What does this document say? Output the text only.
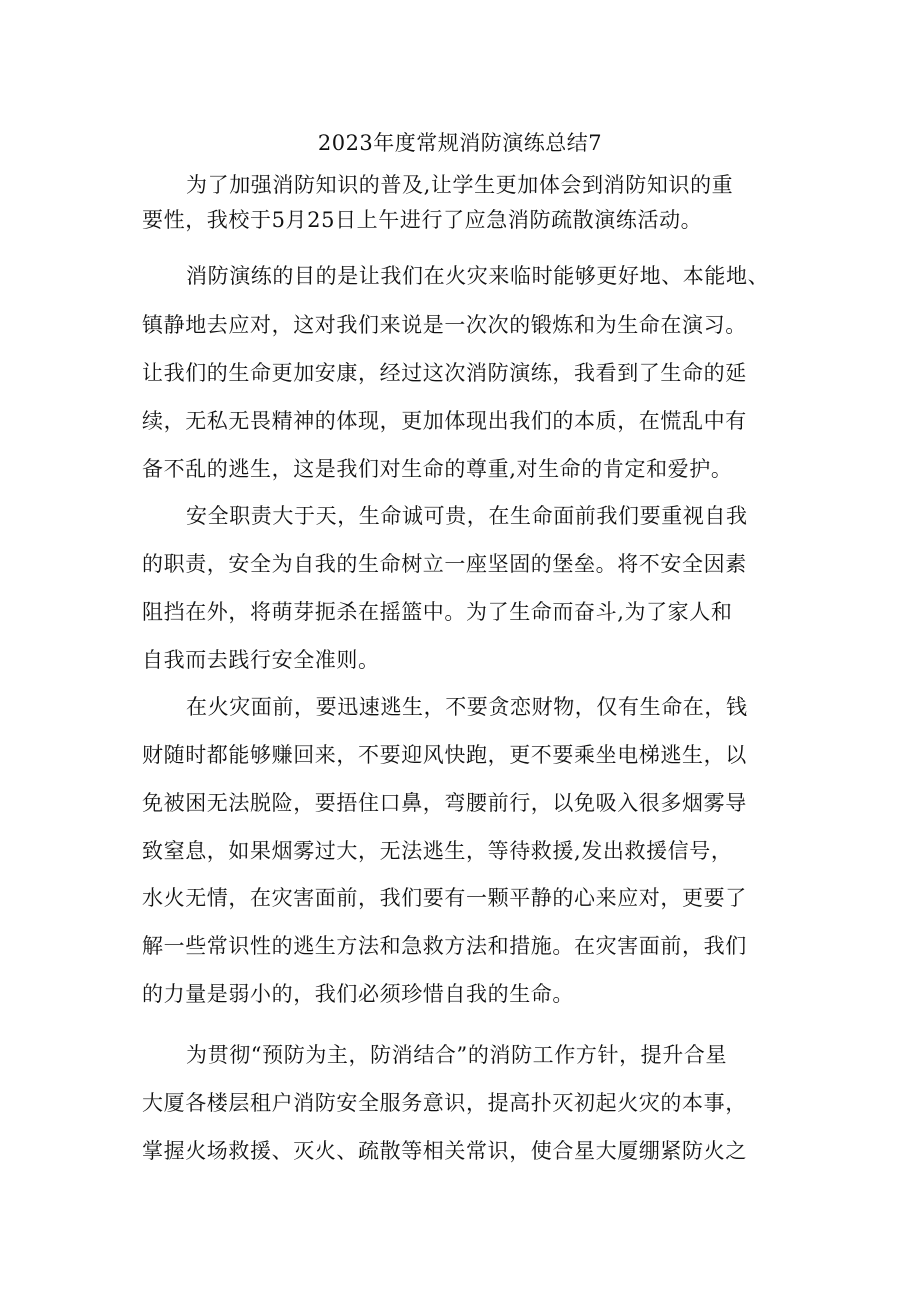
2023年度常规消防演练总结7
为了加强消防知识的普及,让学生更加体会到消防知识的重
要性，我校于5月25日上午进行了应急消防疏散演练活动。
消防演练的目的是让我们在火灾来临时能够更好地、本能地、
镇静地去应对，这对我们来说是一次次的锻炼和为生命在演习。
让我们的生命更加安康，经过这次消防演练，我看到了生命的延
续，无私无畏精神的体现，更加体现出我们的本质，在慌乱中有
备不乱的逃生，这是我们对生命的尊重,对生命的肯定和爱护。
安全职责大于天，生命诚可贵，在生命面前我们要重视自我
的职责，安全为自我的生命树立一座坚固的堡垒。将不安全因素
阻挡在外，将萌芽扼杀在摇篮中。为了生命而奋斗,为了家人和
自我而去践行安全准则。
在火灾面前，要迅速逃生，不要贪恋财物，仅有生命在，钱
财随时都能够赚回来，不要迎风快跑，更不要乘坐电梯逃生，以
免被困无法脱险，要捂住口鼻，弯腰前行，以免吸入很多烟雾导
致窒息，如果烟雾过大，无法逃生，等待救援,发出救援信号，
水火无情，在灾害面前，我们要有一颗平静的心来应对，更要了
解一些常识性的逃生方法和急救方法和措施。在灾害面前，我们
的力量是弱小的，我们必须珍惜自我的生命。
为贯彻“预防为主，防消结合”的消防工作方针，提升合星
大厦各楼层租户消防安全服务意识，提高扑灭初起火灾的本事，
掌握火场救援、灭火、疏散等相关常识，使合星大厦绷紧防火之
